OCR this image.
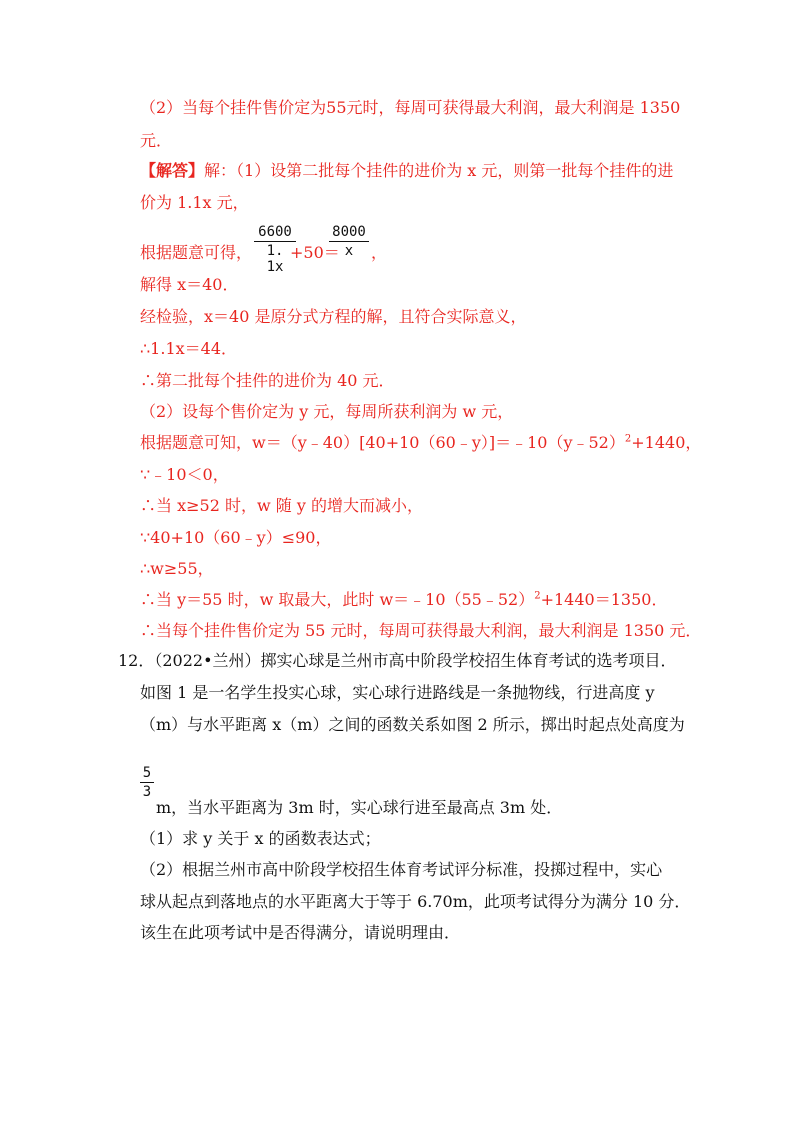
（2）当每个挂件售价定为55元时，每周可获得最大利润，最大利润是 1350
元．
【解答】解：（1）设第二批每个挂件的进价为 x 元，则第一批每个挂件的进
价为 1.1x 元，
根据题意可得， $\frac{6600}{1. 1x}$
+50＝
$\frac{8000}{x}$ ，
解得 x＝40．
经检验，x＝40 是原分式方程的解，且符合实际意义，
∴1.1x＝44．
∴第二批每个挂件的进价为 40 元．
（2）设每个售价定为 y 元，每周所获利润为 w 元，
根据题意可知，w＝（y﹣40）[40+10（60﹣y）]＝﹣10（y﹣52）$^2$+1440，
∵﹣10＜0，
∴当 x≥52 时，w 随 y 的增大而减小，
∵40+10（60﹣y）≤90，
∴w≥55，
∴当 y＝55 时，w 取最大，此时 w＝﹣10（55﹣52）$^2$+1440＝1350．
∴当每个挂件售价定为 55 元时，每周可获得最大利润，最大利润是 1350 元．
12．（2022•兰州）掷实心球是兰州市高中阶段学校招生体育考试的选考项目．
如图 1 是一名学生投实心球，实心球行进路线是一条抛物线，行进高度 y
（m）与水平距离 x（m）之间的函数关系如图 2 所示，掷出时起点处高度为
$\frac{5}{3}$
m，当水平距离为 3m 时，实心球行进至最高点 3m 处．
（1）求 y 关于 x 的函数表达式；
（2）根据兰州市高中阶段学校招生体育考试评分标准，投掷过程中，实心
球从起点到落地点的水平距离大于等于 6.70m，此项考试得分为满分 10 分．
该生在此项考试中是否得满分，请说明理由．
